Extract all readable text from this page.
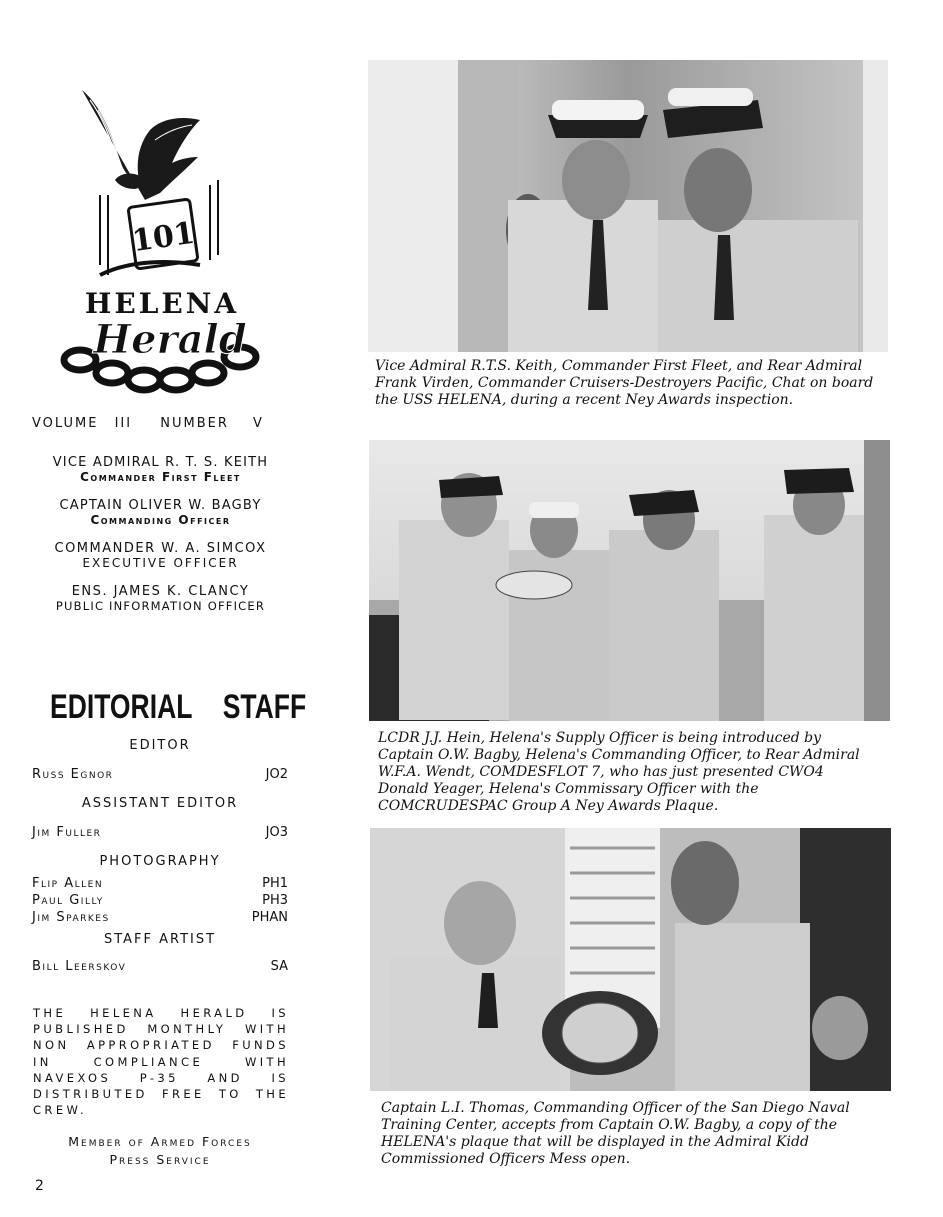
101
HELENA
Herald
VOLUME III NUMBER V
VICE ADMIRAL R. T. S. KEITH
Commander First Fleet
CAPTAIN OLIVER W. BAGBY
Commanding Officer
COMMANDER W. A. SIMCOX
EXECUTIVE OFFICER
ENS. JAMES K. CLANCY
PUBLIC INFORMATION OFFICER
EDITORIAL STAFF
EDITOR
Russ Egnor	JO2
ASSISTANT EDITOR
Jim Fuller	JO3
PHOTOGRAPHY
Flip Allen	PH1
Paul Gilly	PH3
Jim Sparkes	PHAN
STAFF ARTIST
Bill Leerskov	SA
THE HELENA HERALD IS PUBLISHED MONTHLY WITH NON APPROPRIATED FUNDS IN COMPLIANCE WITH NAVEXOS P-35 AND IS DISTRIBUTED FREE TO THE CREW.
Member of Armed Forces
Press Service
2
Vice Admiral R.T.S. Keith, Commander First Fleet, and Rear Admiral Frank Virden, Commander Cruisers-Destroyers Pacific, Chat on board the USS HELENA, during a recent Ney Awards inspection.
LCDR J.J. Hein, Helena's Supply Officer is being introduced by Captain O.W. Bagby, Helena's Commanding Officer, to Rear Admiral W.F.A. Wendt, COMDESFLOT 7, who has just presented CWO4 Donald Yeager, Helena's Commissary Officer with the COMCRUDESPAC Group A Ney Awards Plaque.
Captain L.I. Thomas, Commanding Officer of the San Diego Naval Training Center, accepts from Captain O.W. Bagby, a copy of the HELENA's plaque that will be displayed in the Admiral Kidd Commissioned Officers Mess open.
